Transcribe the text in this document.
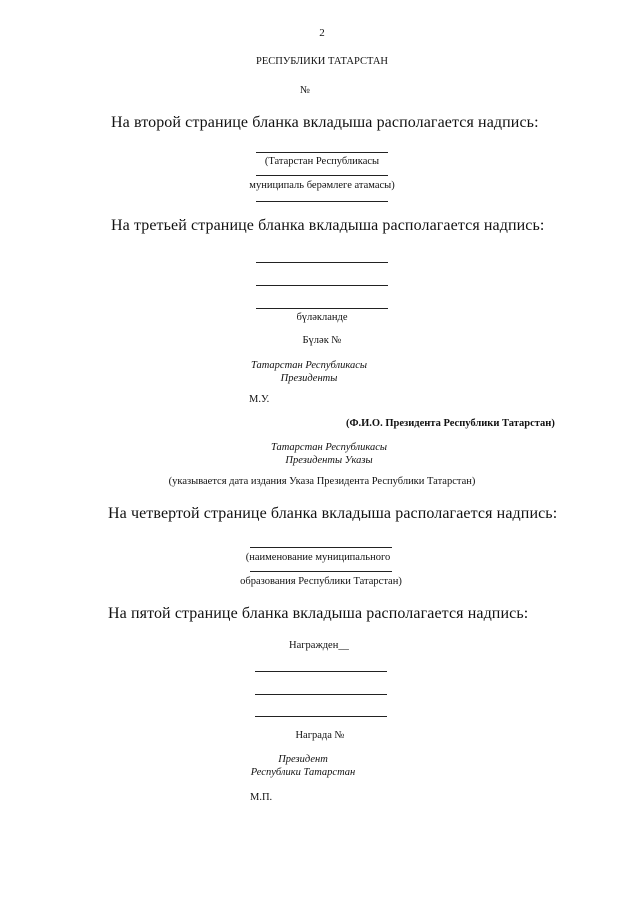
2
РЕСПУБЛИКИ ТАТАРСТАН
№
На второй странице бланка вкладыша располагается надпись:
(Татарстан Республикасы
муниципаль берәмлеге атамасы)
На третьей странице бланка вкладыша располагается надпись:
бүләкланде
Бүләк №
Татарстан Республикасы
Президенты
М.У.
(Ф.И.О. Президента Республики Татарстан)
Татарстан Республикасы
Президенты Указы
(указывается дата издания Указа Президента Республики Татарстан)
На четвертой странице бланка вкладыша располагается надпись:
(наименование муниципального
образования Республики Татарстан)
На пятой странице бланка вкладыша располагается надпись:
Награжден__
Награда №
Президент
Республики Татарстан
М.П.
